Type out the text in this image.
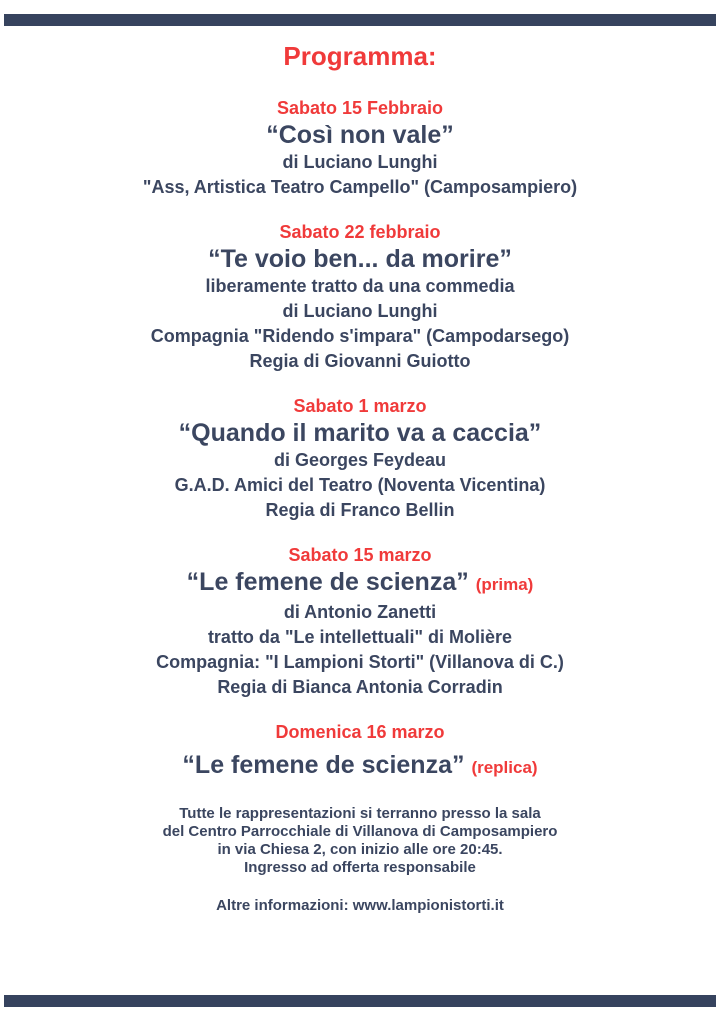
Programma:
Sabato 15 Febbraio
“Così non vale”
di Luciano Lunghi
"Ass, Artistica Teatro Campello" (Camposampiero)
Sabato 22 febbraio
“Te voio ben... da morire”
liberamente tratto da una commedia
di Luciano Lunghi
Compagnia "Ridendo s'impara" (Campodarsego)
Regia di Giovanni Guiotto
Sabato 1 marzo
“Quando il marito va a caccia”
di Georges Feydeau
G.A.D. Amici del Teatro (Noventa Vicentina)
Regia di Franco Bellin
Sabato 15 marzo
“Le femene de scienza” (prima)
di Antonio Zanetti
tratto da "Le intellettuali" di Molière
Compagnia: "I Lampioni Storti" (Villanova di C.)
Regia di Bianca Antonia Corradin
Domenica 16 marzo
“Le femene de scienza” (replica)
Tutte le rappresentazioni si terranno presso la sala
del Centro Parrocchiale di Villanova di Camposampiero
in via Chiesa 2, con inizio alle ore 20:45.
Ingresso ad offerta responsabile
Altre informazioni: www.lampionistorti.it
